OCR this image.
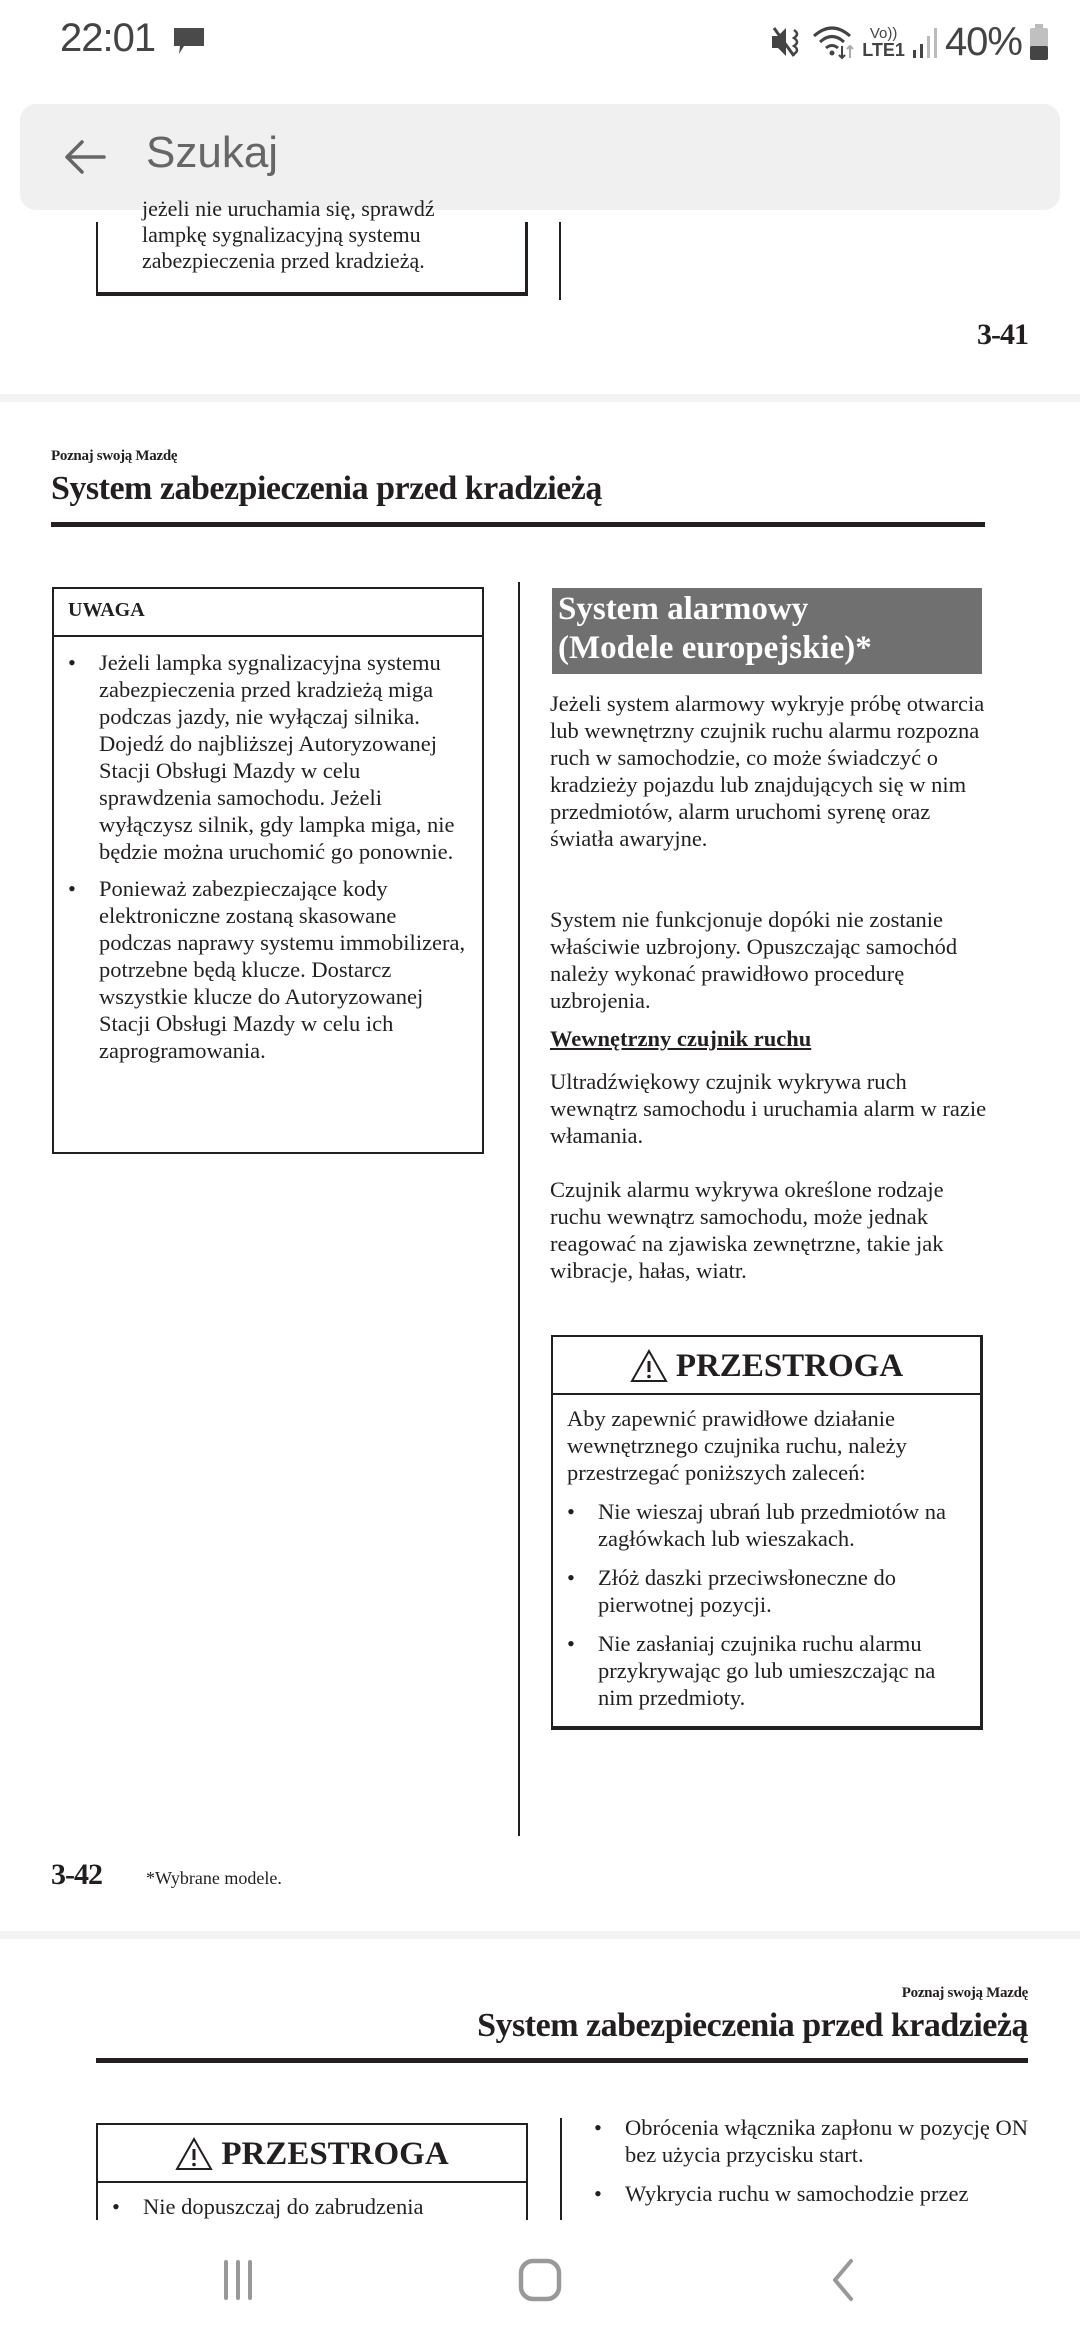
22:01	Vo))
LTE1 40%
Szukaj
jeżeli nie uruchamia się, sprawdź
lampkę sygnalizacyjną systemu
zabezpieczenia przed kradzieżą.
3-41
Poznaj swoją Mazdę
System zabezpieczenia przed kradzieżą
UWAGA
• Jeżeli lampka sygnalizacyjna systemu zabezpieczenia przed kradzieżą miga podczas jazdy, nie wyłączaj silnika. Dojedź do najbliższej Autoryzowanej Stacji Obsługi Mazdy w celu sprawdzenia samochodu. Jeżeli wyłączysz silnik, gdy lampka miga, nie będzie można uruchomić go ponownie.
• Ponieważ zabezpieczające kody elektroniczne zostaną skasowane podczas naprawy systemu immobilizera, potrzebne będą klucze. Dostarcz wszystkie klucze do Autoryzowanej Stacji Obsługi Mazdy w celu ich zaprogramowania.
System alarmowy
(Modele europejskie)*
Jeżeli system alarmowy wykryje próbę otwarcia lub wewnętrzny czujnik ruchu alarmu rozpozna ruch w samochodzie, co może świadczyć o kradzieży pojazdu lub znajdujących się w nim przedmiotów, alarm uruchomi syrenę oraz światła awaryjne.
System nie funkcjonuje dopóki nie zostanie właściwie uzbrojony. Opuszczając samochód należy wykonać prawidłowo procedurę uzbrojenia.
Wewnętrzny czujnik ruchu
Ultradźwiękowy czujnik wykrywa ruch wewnątrz samochodu i uruchamia alarm w razie włamania.
Czujnik alarmu wykrywa określone rodzaje ruchu wewnątrz samochodu, może jednak reagować na zjawiska zewnętrzne, takie jak wibracje, hałas, wiatr.
PRZESTROGA
Aby zapewnić prawidłowe działanie wewnętrznego czujnika ruchu, należy przestrzegać poniższych zaleceń:
• Nie wieszaj ubrań lub przedmiotów na zagłówkach lub wieszakach.
• Złóż daszki przeciwsłoneczne do pierwotnej pozycji.
• Nie zasłaniaj czujnika ruchu alarmu przykrywając go lub umieszczając na nim przedmioty.
3-42 *Wybrane modele.
Poznaj swoją Mazdę
System zabezpieczenia przed kradzieżą
PRZESTROGA
• Nie dopuszczaj do zabrudzenia
• Obrócenia włącznika zapłonu w pozycję ON bez użycia przycisku start.
• Wykrycia ruchu w samochodzie przez
